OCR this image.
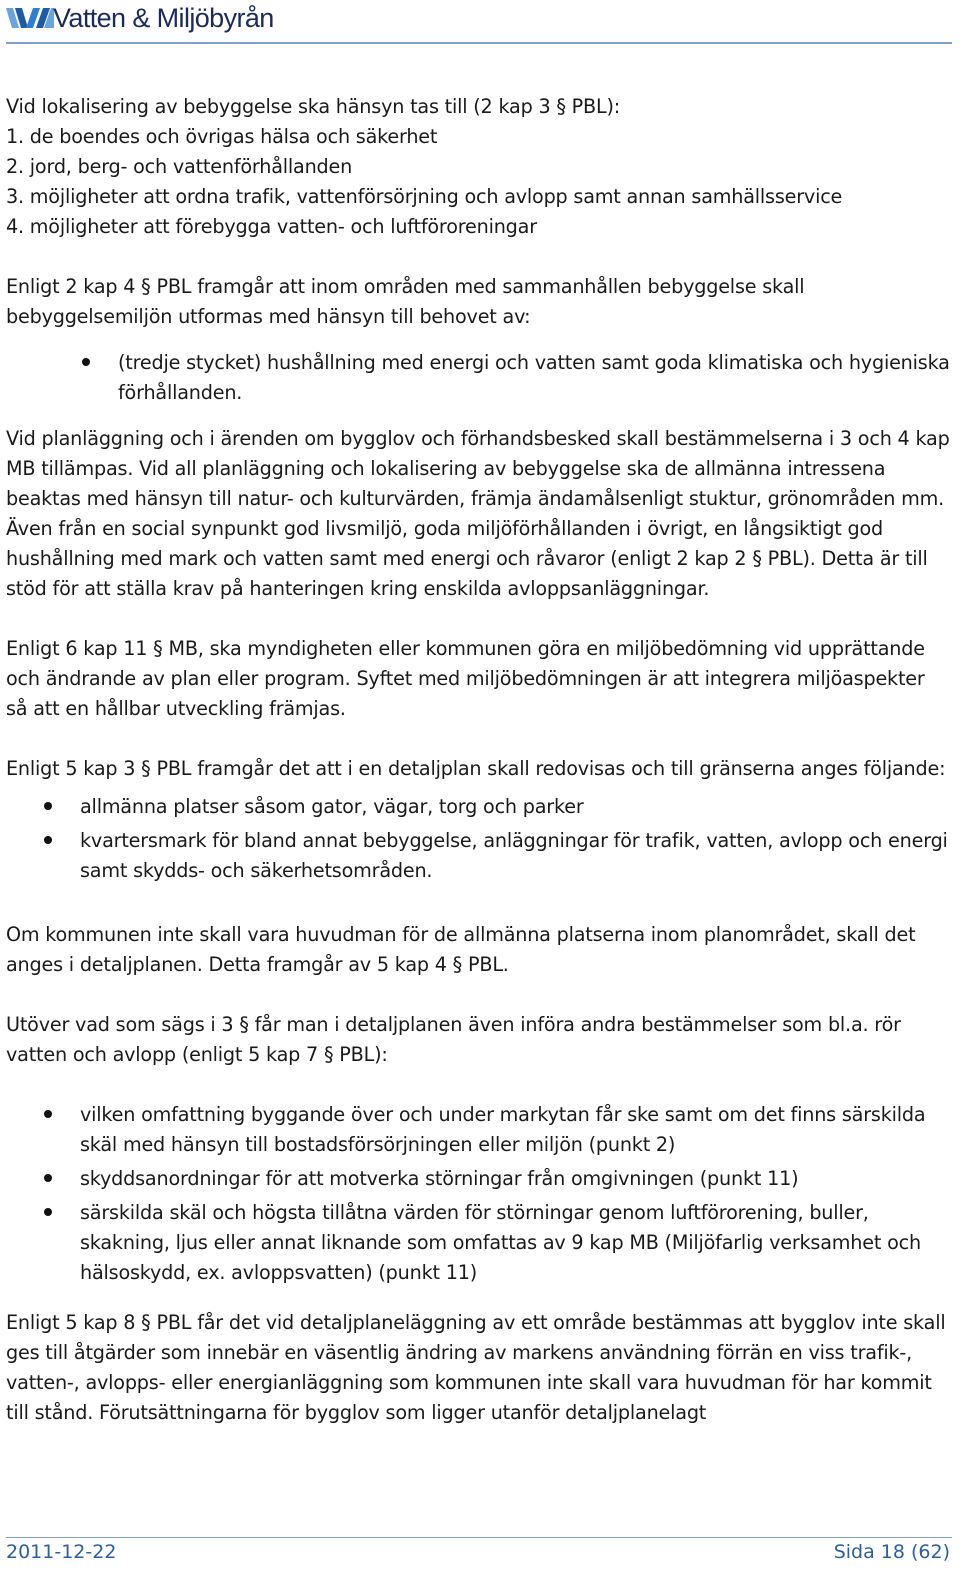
Vatten & Miljöbyrån

Vid lokalisering av bebyggelse ska hänsyn tas till (2 kap 3 § PBL):

1. de boendes och övrigas hälsa och säkerhet

2. jord, berg- och vattenförhållanden

3. möjligheter att ordna trafik, vattenförsörjning och avlopp samt annan samhällsservice

4. möjligheter att förebygga vatten- och luftföroreningar

Enligt 2 kap 4 § PBL framgår att inom områden med sammanhållen bebyggelse skall bebyggelsemiljön utformas med hänsyn till behovet av:

(tredje stycket) hushållning med energi och vatten samt goda klimatiska och hygieniska förhållanden.

Vid planläggning och i ärenden om bygglov och förhandsbesked skall bestämmelserna i 3 och 4 kap MB tillämpas. Vid all planläggning och lokalisering av bebyggelse ska de allmänna intressena beaktas med hänsyn till natur- och kulturvärden, främja ändamålsenligt stuktur, grönområden mm. Även från en social synpunkt god livsmiljö, goda miljöförhållanden i övrigt, en långsiktigt god hushållning med mark och vatten samt med energi och råvaror (enligt 2 kap 2 § PBL). Detta är till stöd för att ställa krav på hanteringen kring enskilda avloppsanläggningar.

Enligt 6 kap 11 § MB, ska myndigheten eller kommunen göra en miljöbedömning vid upprättande och ändrande av plan eller program. Syftet med miljöbedömningen är att integrera miljöaspekter så att en hållbar utveckling främjas.

Enligt 5 kap 3 § PBL framgår det att i en detaljplan skall redovisas och till gränserna anges följande:

allmänna platser såsom gator, vägar, torg och parker
kvartersmark för bland annat bebyggelse, anläggningar för trafik, vatten, avlopp och energi samt skydds- och säkerhetsområden.

Om kommunen inte skall vara huvudman för de allmänna platserna inom planområdet, skall det anges i detaljplanen. Detta framgår av 5 kap 4 § PBL.

Utöver vad som sägs i 3 § får man i detaljplanen även införa andra bestämmelser som bl.a. rör vatten och avlopp (enligt 5 kap 7 § PBL):

vilken omfattning byggande över och under markytan får ske samt om det finns särskilda skäl med hänsyn till bostadsförsörjningen eller miljön (punkt 2)
skyddsanordningar för att motverka störningar från omgivningen (punkt 11)
särskilda skäl och högsta tillåtna värden för störningar genom luftförorening, buller, skakning, ljus eller annat liknande som omfattas av 9 kap MB (Miljöfarlig verksamhet och hälsoskydd, ex. avloppsvatten) (punkt 11)

Enligt 5 kap 8 § PBL får det vid detaljplaneläggning av ett område bestämmas att bygglov inte skall ges till åtgärder som innebär en väsentlig ändring av markens användning förrän en viss trafik-, vatten-, avlopps- eller energianläggning som kommunen inte skall vara huvudman för har kommit till stånd. Förutsättningarna för bygglov som ligger utanför detaljplanelagt

2011-12-22	Sida 18 (62)
